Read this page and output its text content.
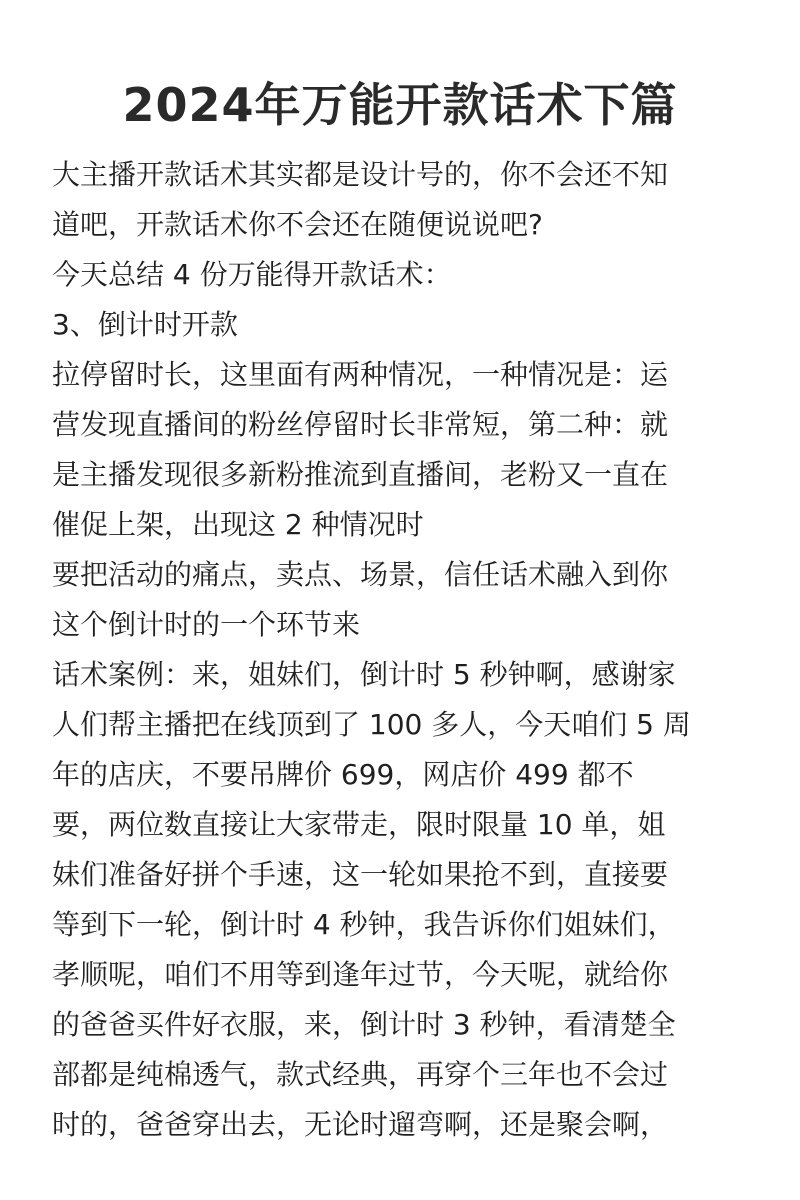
2024年万能开款话术下篇
大主播开款话术其实都是设计号的，你不会还不知
道吧，开款话术你不会还在随便说说吧?
今天总结 4 份万能得开款话术：
3、倒计时开款
拉停留时长，这里面有两种情况，一种情况是：运
营发现直播间的粉丝停留时长非常短，第二种：就
是主播发现很多新粉推流到直播间，老粉又一直在
催促上架，出现这 2 种情况时
要把活动的痛点，卖点、场景，信任话术融入到你
这个倒计时的一个环节来
话术案例：来，姐妹们，倒计时 5 秒钟啊，感谢家
人们帮主播把在线顶到了 100 多人，今天咱们 5 周
年的店庆，不要吊牌价 699，网店价 499 都不
要，两位数直接让大家带走，限时限量 10 单，姐
妹们准备好拼个手速，这一轮如果抢不到，直接要
等到下一轮，倒计时 4 秒钟，我告诉你们姐妹们，
孝顺呢，咱们不用等到逢年过节，今天呢，就给你
的爸爸买件好衣服，来，倒计时 3 秒钟，看清楚全
部都是纯棉透气，款式经典，再穿个三年也不会过
时的，爸爸穿出去，无论时遛弯啊，还是聚会啊，
